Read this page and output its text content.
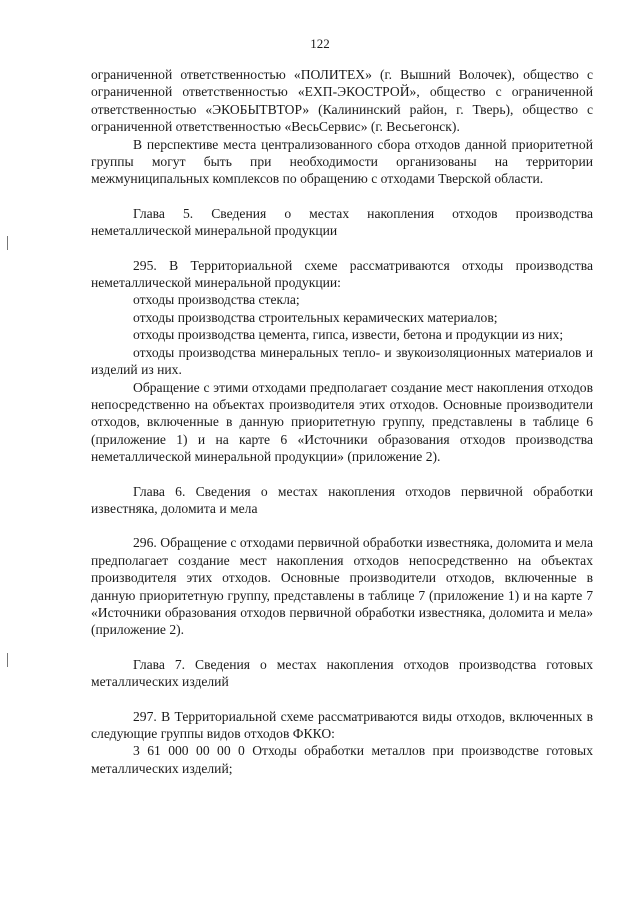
122

ограниченной ответственностью «ПОЛИТЕХ» (г. Вышний Волочек), общество с ограниченной ответственностью «ЕХП-ЭКОСТРОЙ», общество с ограниченной ответственностью «ЭКОБЫТВТОР» (Калининский район, г. Тверь), общество с ограниченной ответственностью «ВесьСервис» (г. Весьегонск).

В перспективе места централизованного сбора отходов данной приоритетной группы могут быть при необходимости организованы на территории межмуниципальных комплексов по обращению с отходами Тверской области.

Глава 5. Сведения о местах накопления отходов производства неметаллической минеральной продукции

295. В Территориальной схеме рассматриваются отходы производства неметаллической минеральной продукции:

отходы производства стекла;

отходы производства строительных керамических материалов;

отходы производства цемента, гипса, извести, бетона и продукции из них;

отходы производства минеральных тепло- и звукоизоляционных материалов и изделий из них.

Обращение с этими отходами предполагает создание мест накопления отходов непосредственно на объектах производителя этих отходов. Основные производители отходов, включенные в данную приоритетную группу, представлены в таблице 6 (приложение 1) и на карте 6 «Источники образования отходов производства неметаллической минеральной продукции» (приложение 2).

Глава 6. Сведения о местах накопления отходов первичной обработки известняка, доломита и мела

296. Обращение с отходами первичной обработки известняка, доломита и мела предполагает создание мест накопления отходов непосредственно на объектах производителя этих отходов. Основные производители отходов, включенные в данную приоритетную группу, представлены в таблице 7 (приложение 1) и на карте 7 «Источники образования отходов первичной обработки известняка, доломита и мела» (приложение 2).

Глава 7. Сведения о местах накопления отходов производства готовых металлических изделий

297. В Территориальной схеме рассматриваются виды отходов, включенных в следующие группы видов отходов ФККО:

3 61 000 00 00 0 Отходы обработки металлов при производстве готовых металлических изделий;
